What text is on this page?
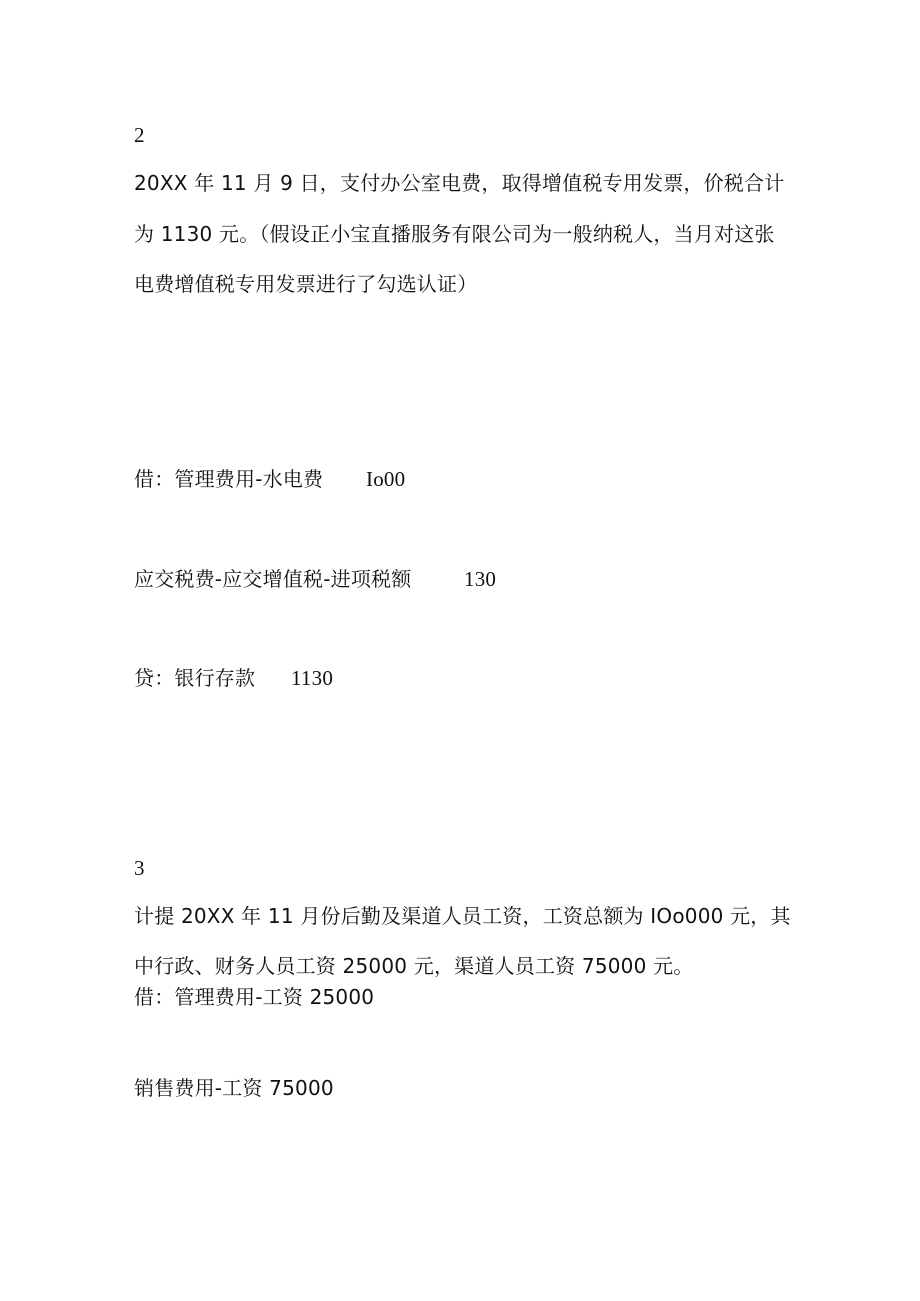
2
20XX 年 11 月 9 日，支付办公室电费，取得增值税专用发票，价税合计
为 1130 元。（假设正小宝直播服务有限公司为一般纳税人，当月对这张
电费增值税专用发票进行了勾选认证）
借：管理费用-水电费 Io00
应交税费-应交增值税-进项税额	130
贷：银行存款 1130
3
计提 20XX 年 11 月份后勤及渠道人员工资，工资总额为 IOo000 元，其
中行政、财务人员工资 25000 元，渠道人员工资 75000 元。
借：管理费用-工资 25000
销售费用-工资 75000
